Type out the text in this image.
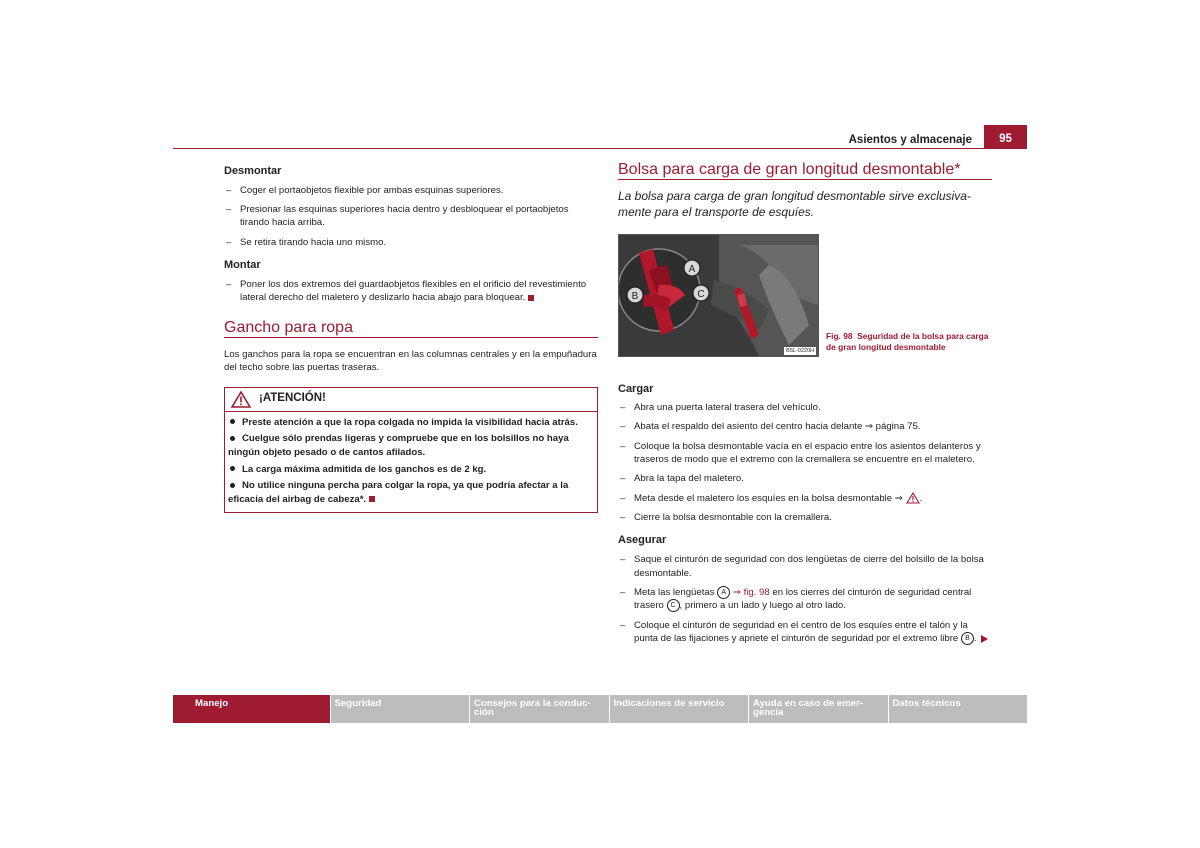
Asientos y almacenaje	95
Desmontar
– Coger el portaobjetos flexible por ambas esquinas superiores.
– Presionar las esquinas superiores hacia dentro y desbloquear el portaobjetos tirando hacia arriba.
– Se retira tirando hacia uno mismo.
Montar
– Poner los dos extremos del guardaobjetos flexibles en el orificio del revestimiento lateral derecho del maletero y deslizarlo hacia abajo para bloquear.
Gancho para ropa
Los ganchos para la ropa se encuentran en las columnas centrales y en la empuñadura del techo sobre las puertas traseras.
¡ATENCIÓN!

Preste atención a que la ropa colgada no impida la visibilidad hacia atrás.

Cuelgue sólo prendas ligeras y compruebe que en los bolsillos no haya ningún objeto pesado o de cantos afilados.

La carga máxima admitida de los ganchos es de 2 kg.

No utilice ninguna percha para colgar la ropa, ya que podría afectar a la eficacia del airbag de cabeza*.

Bolsa para carga de gran longitud desmontable*

La bolsa para carga de gran longitud desmontable sirve exclusiva-mente para el transporte de esquíes.

A
B	C
B5L-0220H
Fig. 98 Seguridad de la bolsa para carga de gran longitud desmontable
Cargar
– Abra una puerta lateral trasera del vehículo.
– Abata el respaldo del asiento del centro hacia delante ⇒ página 75.
– Coloque la bolsa desmontable vacía en el espacio entre los asientos delanteros y traseros de modo que el extremo con la cremallera se encuentre en el maletero.
– Abra la tapa del maletero.
– Meta desde el maletero los esquíes en la bolsa desmontable ⇒ .
– Cierre la bolsa desmontable con la cremallera.
Asegurar
– Saque el cinturón de seguridad con dos lengüetas de cierre del bolsillo de la bolsa desmontable.
– Meta las lengüetas A ⇒ fig. 98 en los cierres del cinturón de seguridad central trasero C , primero a un lado y luego al otro lado.
– Coloque el cinturón de seguridad en el centro de los esquíes entre el talón y la punta de las fijaciones y apriete el cinturón de seguridad por el extremo libre B .
Manejo	Seguridad	Consejos para la conduc-ción
Indicaciones de servicio	Ayuda en caso de emer-gencia
Datos técnicos
